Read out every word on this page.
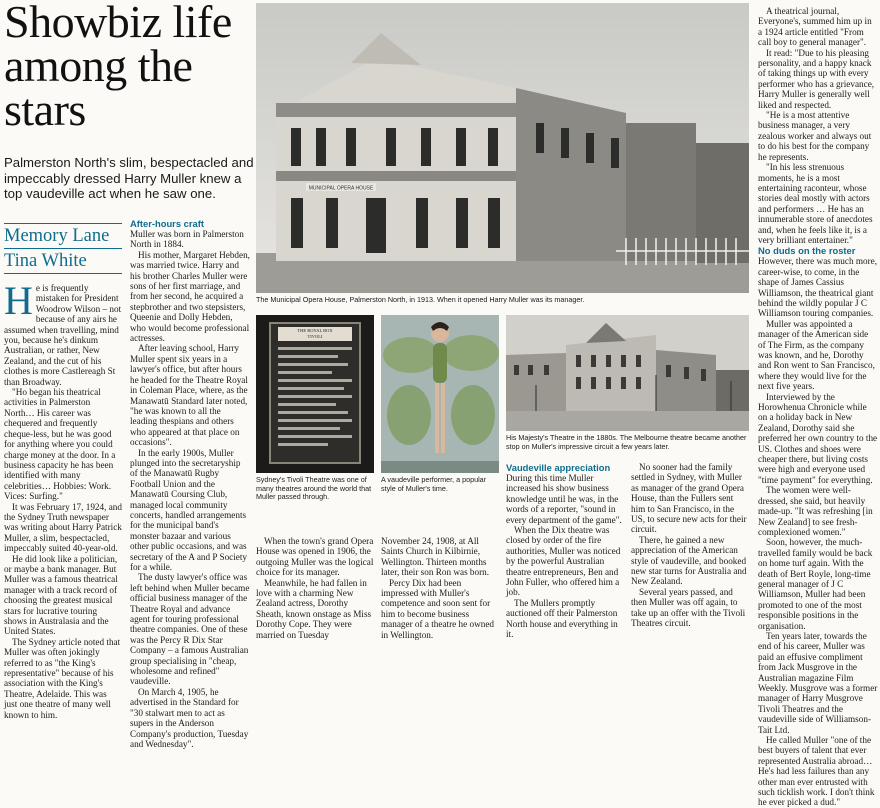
Showbiz life among the stars
Palmerston North's slim, bespectacled and impeccably dressed Harry Muller knew a top vaudeville act when he saw one.
Memory Lane
Tina White

He is frequently mistaken for President Woodrow Wilson – not because of any airs he assumed when travelling, mind you, because he's dinkum Australian, or rather, New Zealand, and the cut of his clothes is more Castlereagh St than Broadway.

"Ho began his theatrical activities in Palmerston North… His career was chequered and frequently cheque-less, but he was good for anything where you could charge money at the door. In a business capacity he has been identified with many celebrities… Hobbies: Work. Vices: Surfing."

It was February 17, 1924, and the Sydney Truth newspaper was writing about Harry Patrick Muller, a slim, bespectacled, impeccably suited 40-year-old.

He did look like a politician, or maybe a bank manager. But Muller was a famous theatrical manager with a track record of choosing the greatest musical stars for lucrative touring shows in Australasia and the United States.

The Sydney article noted that Muller was often jokingly referred to as "the King's representative" because of his association with the King's Theatre, Adelaide. This was just one theatre of many well known to him.

After-hours craft

Muller was born in Palmerston North in 1884.

His mother, Margaret Hebden, was married twice. Harry and his brother Charles Muller were sons of her first marriage, and from her second, he acquired a stepbrother and two stepsisters, Queenie and Dolly Hebden, who would become professional actresses.

After leaving school, Harry Muller spent six years in a lawyer's office, but after hours he headed for the Theatre Royal in Coleman Place, where, as the Manawatū Standard later noted, "he was known to all the leading thespians and others who appeared at that place on occasions".

In the early 1900s, Muller plunged into the secretaryship of the Manawatū Rugby Football Union and the Manawatū Coursing Club, managed local community concerts, handled arrangements for the municipal band's monster bazaar and various other public occasions, and was secretary of the A and P Society for a while.

The dusty lawyer's office was left behind when Muller became official business manager of the Theatre Royal and advance agent for touring professional theatre companies. One of these was the Percy R Dix Star Company – a famous Australian group specialising in "cheap, wholesome and refined" vaudeville.

On March 4, 1905, he advertised in the Standard for "30 stalwart men to act as supers in the Anderson Company's production, Tuesday and Wednesday".

MUNICIPAL OPERA HOUSE
The Municipal Opera House, Palmerston North, in 1913. When it opened Harry Muller was its manager.
THE ROYAL BOX
TIVOLI
Sydney's Tivoli Theatre was one of many theatres around the world that Muller passed through.
A vaudeville performer, a popular style of Muller's time.
His Majesty's Theatre in the 1880s. The Melbourne theatre became another stop on Muller's impressive circuit a few years later.

When the town's grand Opera House was opened in 1906, the outgoing Muller was the logical choice for its manager.

Meanwhile, he had fallen in love with a charming New Zealand actress, Dorothy Sheath, known onstage as Miss Dorothy Cope. They were married on Tuesday

November 24, 1908, at All Saints Church in Kilbirnie, Wellington. Thirteen months later, their son Ron was born.

Percy Dix had been impressed with Muller's competence and soon sent for him to become business manager of a theatre he owned in Wellington.

Vaudeville appreciation

During this time Muller increased his show business knowledge until he was, in the words of a reporter, "sound in every department of the game".

When the Dix theatre was closed by order of the fire authorities, Muller was noticed by the powerful Australian theatre entrepreneurs, Ben and John Fuller, who offered him a job.

The Mullers promptly auctioned off their Palmerston North house and everything in it.

No sooner had the family settled in Sydney, with Muller as manager of the grand Opera House, than the Fullers sent him to San Francisco, in the US, to secure new acts for their circuit.

There, he gained a new appreciation of the American style of vaudeville, and booked new star turns for Australia and New Zealand.

Several years passed, and then Muller was off again, to take up an offer with the Tivoli Theatres circuit.

A theatrical journal, Everyone's, summed him up in a 1924 article entitled "From call boy to general manager".

It read: "Due to his pleasing personality, and a happy knack of taking things up with every performer who has a grievance, Harry Muller is generally well liked and respected.

"He is a most attentive business manager, a very zealous worker and always out to do his best for the company he represents.

"In his less strenuous moments, he is a most entertaining raconteur, whose stories deal mostly with actors and performers … He has an innumerable store of anecdotes and, when he feels like it, is a very brilliant entertainer."

No duds on the roster

However, there was much more, career-wise, to come, in the shape of James Cassius Williamson, the theatrical giant behind the wildly popular J C Williamson touring companies.

Muller was appointed a manager of the American side of The Firm, as the company was known, and he, Dorothy and Ron went to San Francisco, where they would live for the next five years.

Interviewed by the Horowhenua Chronicle while on a holiday back in New Zealand, Dorothy said she preferred her own country to the US. Clothes and shoes were cheaper there, but living costs were high and everyone used "time payment" for everything.

The women were well-dressed, she said, but heavily made-up. "It was refreshing [in New Zealand] to see fresh-complexioned women."

Soon, however, the much-travelled family would be back on home turf again. With the death of Bert Royle, long-time general manager of J C Williamson, Muller had been promoted to one of the most responsible positions in the organisation.

Ten years later, towards the end of his career, Muller was paid an effusive compliment from Jack Musgrove in the Australian magazine Film Weekly. Musgrove was a former manager of Harry Musgrove Tivoli Theatres and the vaudeville side of Williamson-Tait Ltd.

He called Muller "one of the best buyers of talent that ever represented Australia abroad… He's had less failures than any other man ever entrusted with such ticklish work. I don't think he ever picked a dud."
